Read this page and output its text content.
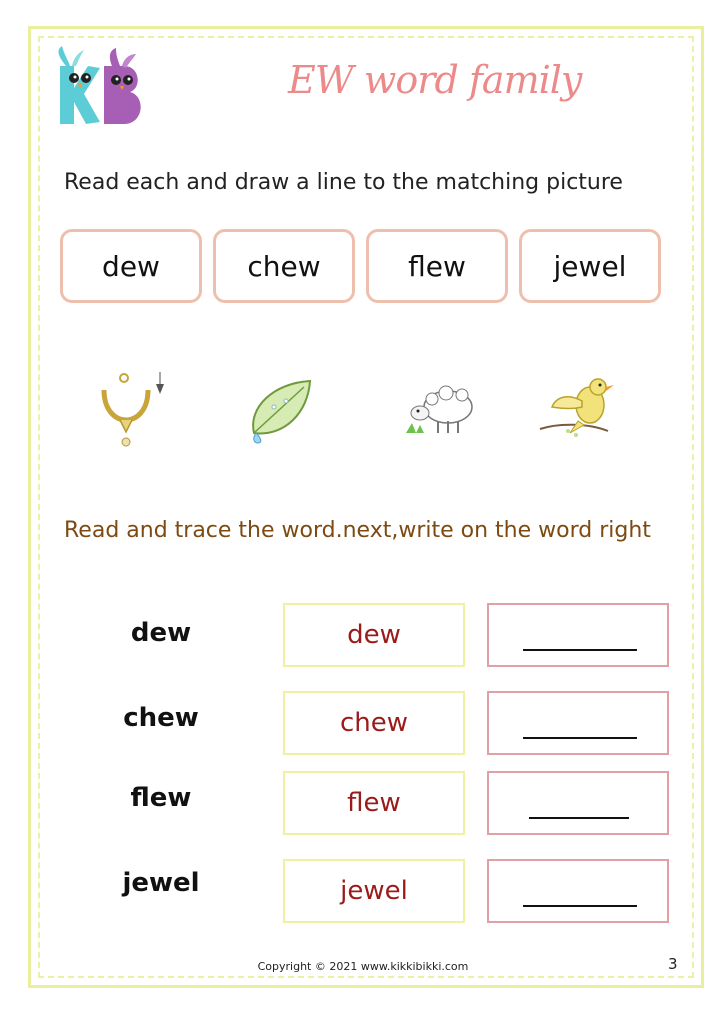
EW word family
Read each and draw a line to the matching picture
dew	chew	flew	jewel
Read and trace the word.next,write on the word right
dew	dew
chew	chew
flew	flew
jewel	jewel
Copyright © 2021 www.kikkibikki.com	3
